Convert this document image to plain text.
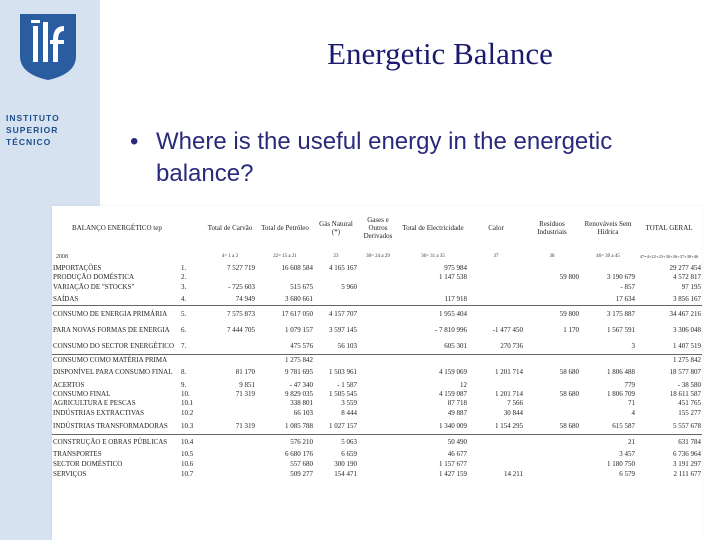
INSTITUTO
SUPERIOR
TÉCNICO
Energetic Balance
• Where is the useful energy in the energetic balance?
BALANÇO ENERGÉTICO tep		Total de Carvão	Total de Petróleo	Gás Natural (*)	Gases e Outros Derivados	Total de Electricidade	Calor	Resíduos Industriais	Renováveis Sem Hídrica	TOTAL GERAL
2008		4= 1 a 3	22= 15 a 21	23	30= 24 a 29	36= 31 a 35	37	38	46= 39 a 45	47=4+22+23+30+36+37+38+46
IMPORTAÇÕES	1.	7 527 719	16 608 584	4 165 167		975 984				29 277 454
PRODUÇÃO DOMÉSTICA	2.					1 147 538		59 800	3 190 679	4 572 817
VARIAÇÃO DE "STOCKS"	3.	- 725 603	515 675	5 960					- 857	97 195
SAÍDAS	4.	74 949	3 680 661			117 918			17 634	3 856 167
CONSUMO DE ENERGIA PRIMÁRIA	5.	7 575 873	17 617 050	4 157 707		1 955 404		59 800	3 175 887	34 467 216
PARA NOVAS FORMAS DE ENERGIA	6.	7 444 705	1 079 157	3 597 145		- 7 810 996	-1 477 450	1 170	1 567 591	3 306 048
CONSUMO DO SECTOR ENERGÉTICO	7.		475 576	56 103		605 301	270 736		3	1 407 519
CONSUMO COMO MATÉRIA PRIMA			1 275 842							1 275 842
DISPONÍVEL PARA CONSUMO FINAL	8.	81 170	9 781 695	1 503 961		4 159 069	1 201 714	58 680	1 806 488	18 577 807
ACERTOS	9.	9 851	- 47 340	- 1 587		12			779	- 38 580
CONSUMO FINAL	10.	71 319	9 829 035	1 505 545		4 159 087	1 201 714	58 680	1 806 709	18 611 587
AGRICULTURA E PESCAS	10.1		338 801	3 559		87 718	7 566		71	451 765
INDÚSTRIAS EXTRACTIVAS	10.2		66 103	8 444		49 887	30 844		4	155 277
INDÚSTRIAS TRANSFORMADORAS	10.3	71 319	1 085 788	1 027 157		1 340 009	1 154 295	58 680	615 587	5 557 678
CONSTRUÇÃO E OBRAS PÚBLICAS	10.4		576 210	5 063		50 490			21	631 784
TRANSPORTES	10.5		6 680 176	6 659		46 677			3 457	6 736 964
SECTOR DOMÉSTICO	10.6		557 680	300 190		1 157 677			1 180 750	3 191 297
SERVIÇOS	10.7		509 277	154 471		1 427 159	14 211		6 579	2 111 677
